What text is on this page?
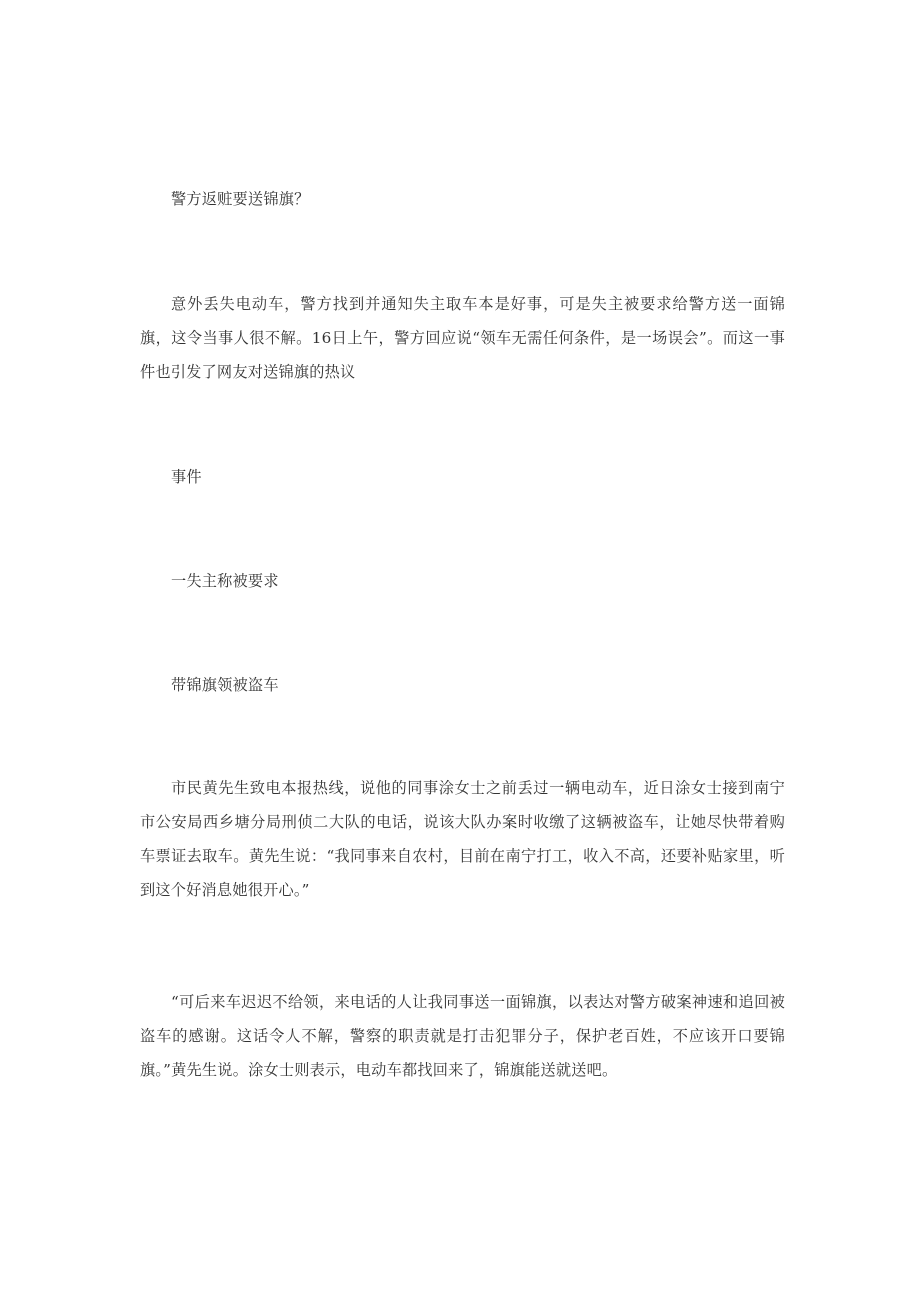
警方返赃要送锦旗？

意外丢失电动车，警方找到并通知失主取车本是好事，可是失主被要求给警方送一面锦旗，这令当事人很不解。16日上午，警方回应说“领车无需任何条件，是一场误会”。而这一事件也引发了网友对送锦旗的热议

事件

一失主称被要求

带锦旗领被盗车

市民黄先生致电本报热线，说他的同事涂女士之前丢过一辆电动车，近日涂女士接到南宁市公安局西乡塘分局刑侦二大队的电话，说该大队办案时收缴了这辆被盗车，让她尽快带着购车票证去取车。黄先生说：“我同事来自农村，目前在南宁打工，收入不高，还要补贴家里，听到这个好消息她很开心。”

“可后来车迟迟不给领，来电话的人让我同事送一面锦旗，以表达对警方破案神速和追回被盗车的感谢。这话令人不解，警察的职责就是打击犯罪分子，保护老百姓，不应该开口要锦旗。”黄先生说。涂女士则表示，电动车都找回来了，锦旗能送就送吧。
